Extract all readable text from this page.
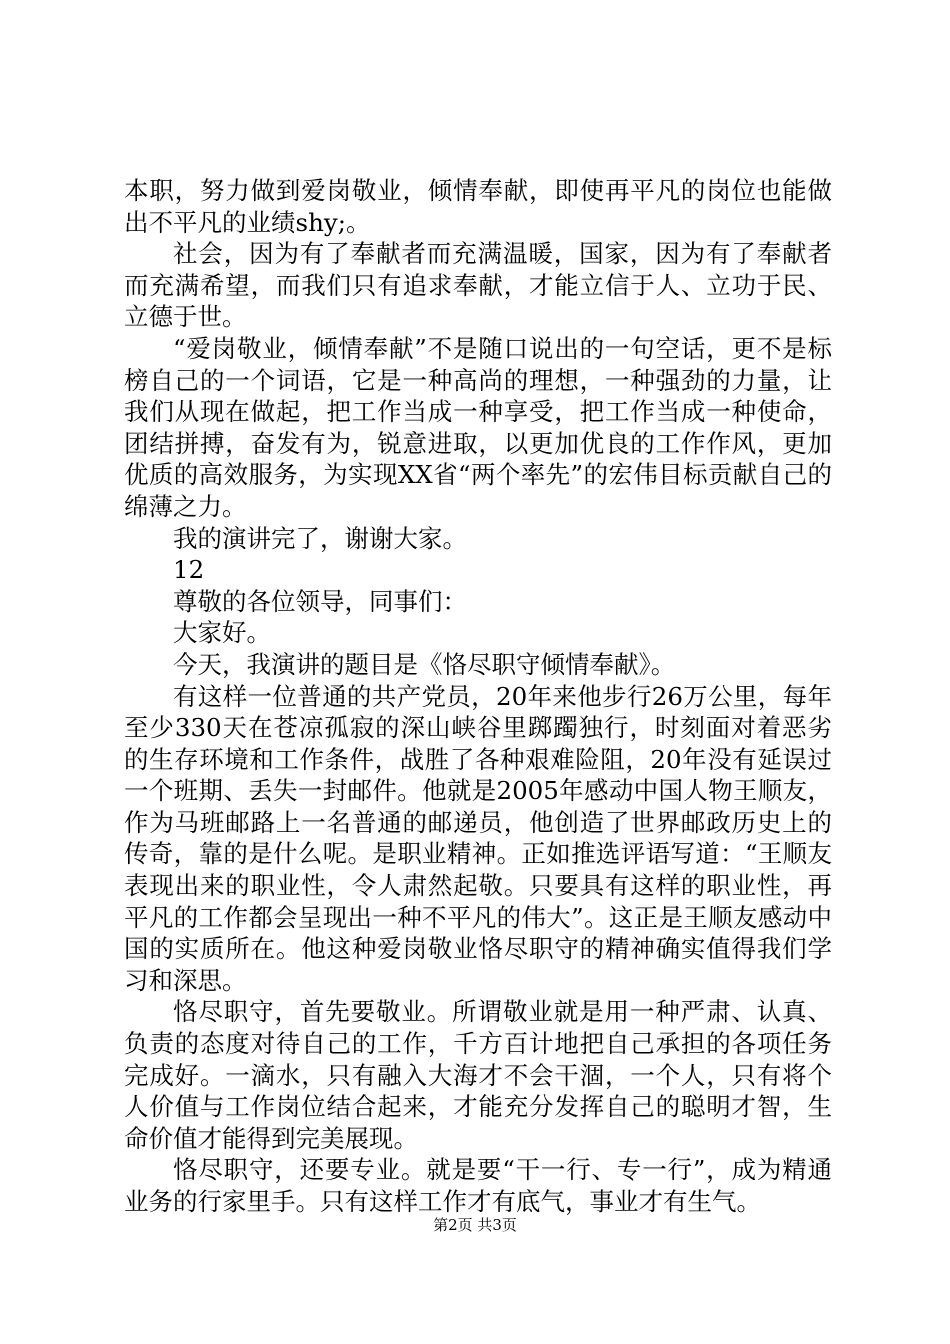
本职，努力做到爱岗敬业，倾情奉献，即使再平凡的岗位也能做出不平凡的业绩shy;。

社会，因为有了奉献者而充满温暖，国家，因为有了奉献者而充满希望，而我们只有追求奉献，才能立信于人、立功于民、立德于世。

“爱岗敬业，倾情奉献”不是随口说出的一句空话，更不是标榜自己的一个词语，它是一种高尚的理想，一种强劲的力量，让我们从现在做起，把工作当成一种享受，把工作当成一种使命，团结拼搏，奋发有为，锐意进取，以更加优良的工作作风，更加优质的高效服务，为实现XX省“两个率先”的宏伟目标贡献自己的绵薄之力。

我的演讲完了，谢谢大家。

12

尊敬的各位领导，同事们：

大家好。

今天，我演讲的题目是《恪尽职守倾情奉献》。

有这样一位普通的共产党员，20年来他步行26万公里，每年至少330天在苍凉孤寂的深山峡谷里踯躅独行，时刻面对着恶劣的生存环境和工作条件，战胜了各种艰难险阻，20年没有延误过一个班期、丢失一封邮件。他就是2005年感动中国人物王顺友，作为马班邮路上一名普通的邮递员，他创造了世界邮政历史上的传奇，靠的是什么呢。是职业精神。正如推选评语写道：“王顺友表现出来的职业性，令人肃然起敬。只要具有这样的职业性，再平凡的工作都会呈现出一种不平凡的伟大”。这正是王顺友感动中国的实质所在。他这种爱岗敬业恪尽职守的精神确实值得我们学习和深思。

恪尽职守，首先要敬业。所谓敬业就是用一种严肃、认真、负责的态度对待自己的工作，千方百计地把自己承担的各项任务完成好。一滴水，只有融入大海才不会干涸，一个人，只有将个人价值与工作岗位结合起来，才能充分发挥自己的聪明才智，生命价值才能得到完美展现。

恪尽职守，还要专业。就是要“干一行、专一行”，成为精通业务的行家里手。只有这样工作才有底气，事业才有生气。

第2页 共3页
